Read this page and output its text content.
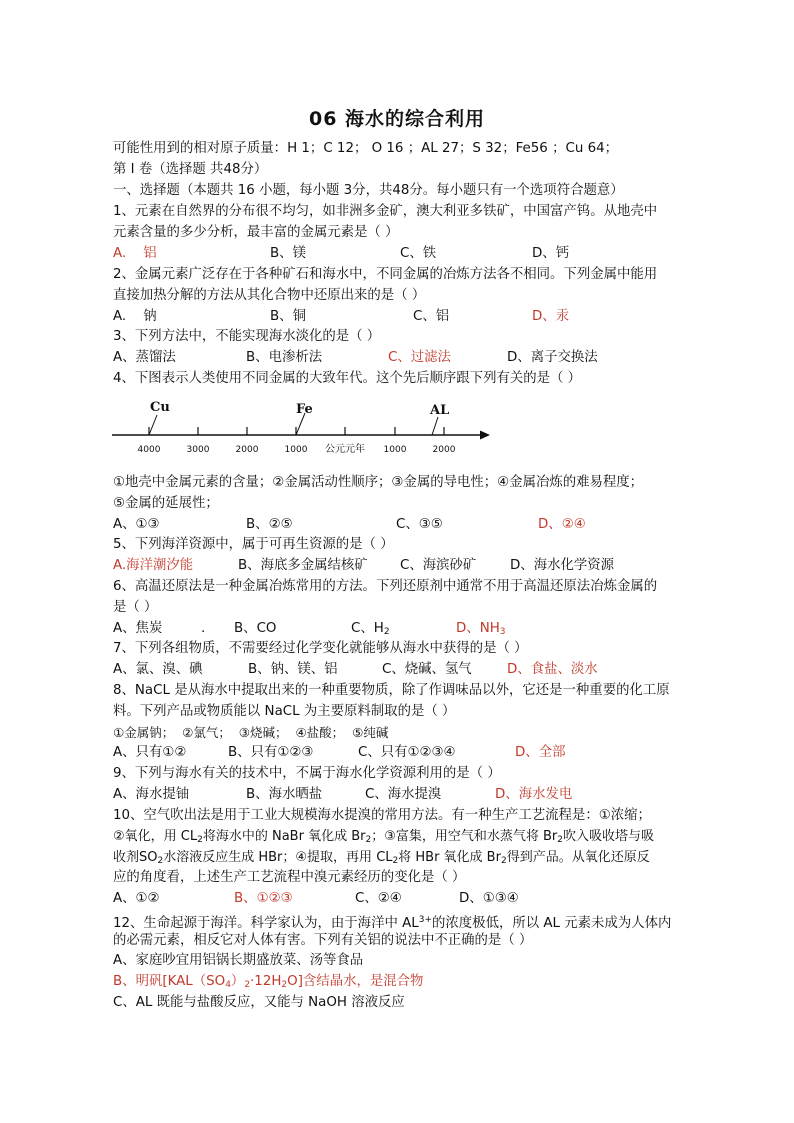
06 海水的综合利用
可能性用到的相对原子质量：H 1；C 12； O 16 ；AL 27；S 32；Fe56 ；Cu 64；
第 Ⅰ 卷（选择题 共48分）
一、选择题（本题共 16 小题，每小题 3分，共48分。每小题只有一个选项符合题意）
1、元素在自然界的分布很不均匀，如非洲多金矿，澳大利亚多铁矿，中国富产钨。从地壳中
元素含量的多少分析，最丰富的金属元素是（ ）
A.    铝	B、镁	C、铁	D、钙
2、金属元素广泛存在于各种矿石和海水中，不同金属的冶炼方法各不相同。下列金属中能用
直接加热分解的方法从其化合物中还原出来的是（ ）
A.    钠	B、铜	C、铝	D、汞
3、下列方法中，不能实现海水淡化的是（ ）
A、蒸馏法	B、电渗析法	C、过滤法	D、离子交换法
4、下图表示人类使用不同金属的大致年代。这个先后顺序跟下列有关的是（ ）
Cu	Fe	AL
4000	3000	2000	1000 公元元年 1000	2000
①地壳中金属元素的含量；②金属活动性顺序；③金属的导电性；④金属冶炼的难易程度；
⑤金属的延展性；
A、①③	B、②⑤	C、③⑤	D、②④
5、下列海洋资源中，属于可再生资源的是（ ）
A.海洋潮汐能	B、海底多金属结核矿 C、海滨砂矿	D、海水化学资源
6、高温还原法是一种金属冶炼常用的方法。下列还原剂中通常不用于高温还原法冶炼金属的
是（ ）
A、焦炭	. B、CO	C、$H_2$	D、$NH_3$
7、下列各组物质，不需要经过化学变化就能够从海水中获得的是（ ）
A、氯、溴、碘	B、钠、镁、铝	C、烧碱、氢气	D、食盐、淡水
8、NaCL 是从海水中提取出来的一种重要物质，除了作调味品以外，它还是一种重要的化工原
料。下列产品或物质能以 NaCL 为主要原料制取的是（ ）
①金属钠；  ②氯气；  ③烧碱；  ④盐酸；  ⑤纯碱
A、只有①②	B、只有①②③	C、只有①②③④	D、全部
9、下列与海水有关的技术中，不属于海水化学资源利用的是（ ）
A、海水提铀	B、海水晒盐	C、海水提溴	D、海水发电
10、空气吹出法是用于工业大规模海水提溴的常用方法。有一种生产工艺流程是：①浓缩；
②氧化，用 $CL_2$将海水中的 NaBr 氧化成 $Br_2$；③富集，用空气和水蒸气将 $Br_2$吹入吸收塔与吸
收剂$SO_2$水溶液反应生成 HBr；④提取，再用 $CL_2$将 HBr 氧化成 $Br_2$得到产品。从氧化还原反
应的角度看，上述生产工艺流程中溴元素经历的变化是（ ）
A、①②	B、①②③	C、②④	D、①③④
12、生命起源于海洋。科学家认为，由于海洋中 $AL^{3+}$的浓度极低，所以 AL 元素未成为人体内
的必需元素，相反它对人体有害。下列有关铝的说法中不正确的是（ ）
A、家庭吵宜用铝锅长期盛放菜、汤等食品
B、明矾$[KAL(SO_4)_2\cdot 12H_2O]$含结晶水，是混合物
C、AL 既能与盐酸反应，又能与 NaOH 溶液反应
